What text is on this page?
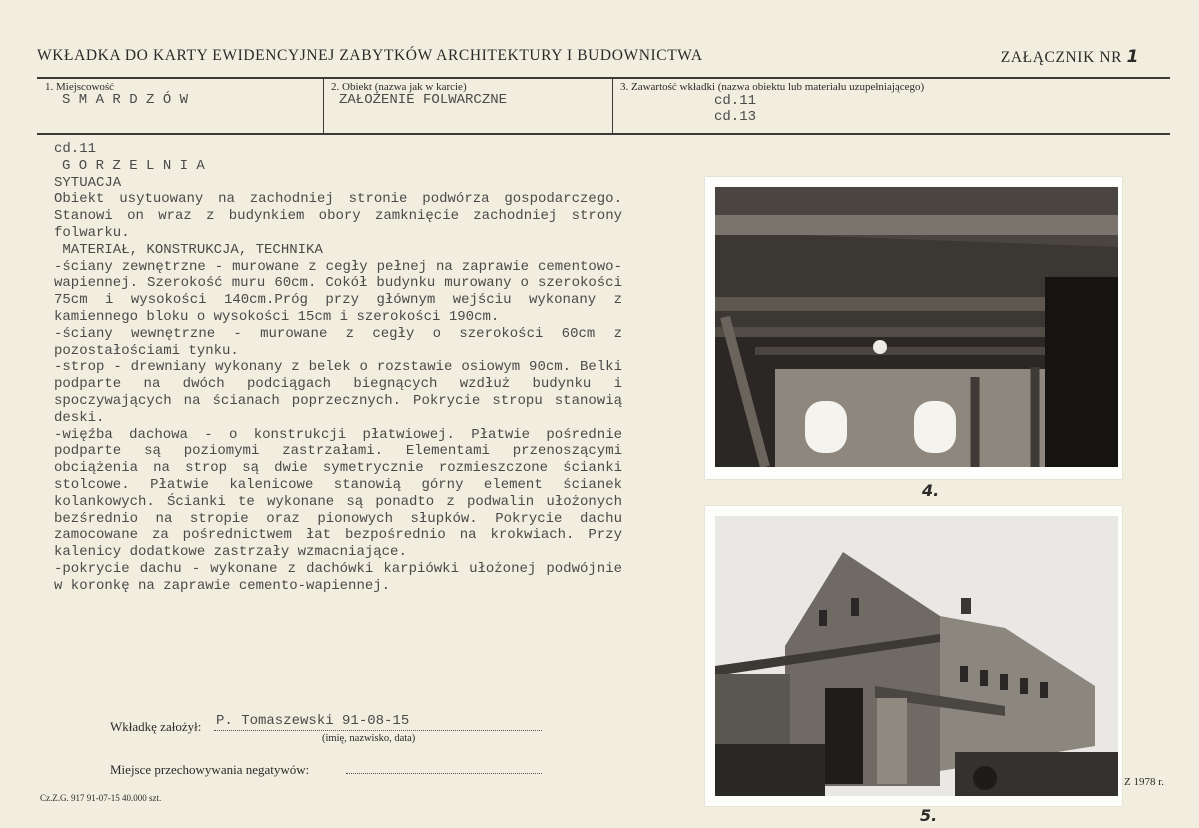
WKŁADKA DO KARTY EWIDENCYJNEJ ZABYTKÓW ARCHITEKTURY I BUDOWNICTWA	ZAŁĄCZNIK NR 1
1. Miejscowość
S M A R D Z Ó W
2. Obiekt (nazwa jak w karcie)
ZAŁOŻENIE FOLWARCZNE
3. Zawartość wkładki (nazwa obiektu lub materiału uzupełniającego)
cd.11
cd.13
cd.11
G O R Z E L N I A
SYTUACJA
Obiekt usytuowany na zachodniej stronie podwórza gospodarczego. Stanowi on wraz z budynkiem obory zamknięcie zachodniej strony folwarku.
MATERIAŁ, KONSTRUKCJA, TECHNIKA
-ściany zewnętrzne - murowane z cegły pełnej na zaprawie cementowo-wapiennej. Szerokość muru 60cm. Cokół budynku murowany o szerokości 75cm i wysokości 140cm.Próg przy głównym wejściu wykonany z kamiennego bloku o wysokości 15cm i szerokości 190cm.
-ściany wewnętrzne - murowane z cegły o szerokości 60cm z pozostałościami tynku.
-strop - drewniany wykonany z belek o rozstawie osiowym 90cm. Belki podparte na dwóch podciągach biegnących wzdłuż budynku i spoczywających na ścianach poprzecznych. Pokrycie stropu stanowią deski.
-więźba dachowa - o konstrukcji płatwiowej. Płatwie pośrednie podparte są poziomymi zastrzałami. Elementami przenoszącymi obciążenia na strop są dwie symetrycznie rozmieszczone ścianki stolcowe. Płatwie kalenicowe stanowią górny element ścianek kolankowych. Ścianki te wykonane są ponadto z podwalin ułożonych bezśrednio na stropie oraz pionowych słupków. Pokrycie dachu zamocowane za pośrednictwem łat bezpośrednio na krokwiach. Przy kalenicy dodatkowe zastrzały wzmacniające.
-pokrycie dachu - wykonane z dachówki karpiówki ułożonej podwójnie w koronkę na zaprawie cemento-wapiennej.
4.
5.
Wkładkę założył: P. Tomaszewski 91-08-15
(imię, nazwisko, data)
Miejsce przechowywania negatywów:
Cz.Z.G. 917 91-07-15 40.000 szt.
Z 1978 r.
